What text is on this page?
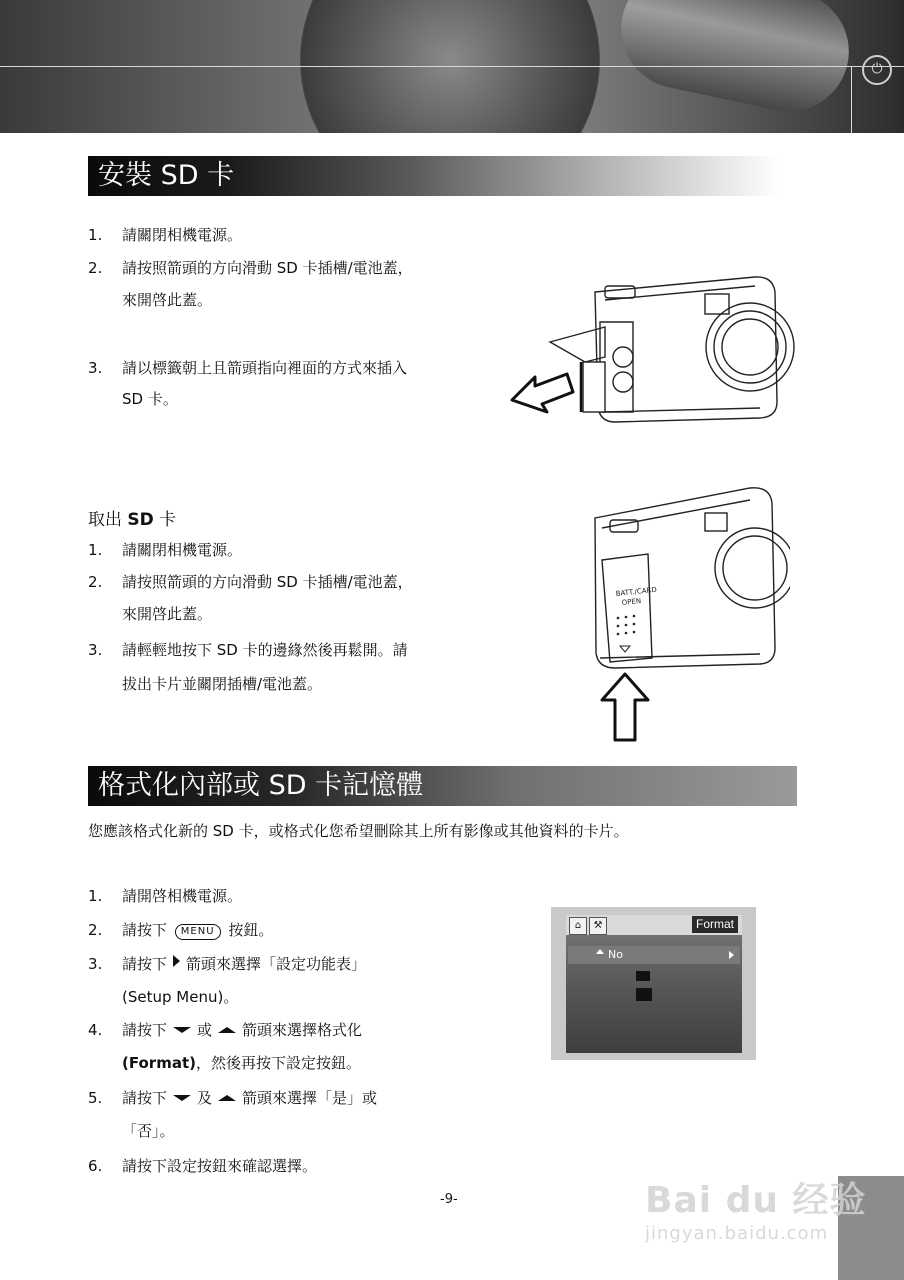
⏻
安裝 SD 卡
1. 請關閉相機電源。
2. 請按照箭頭的方向滑動 SD 卡插槽/電池蓋，
來開啓此蓋。
3. 請以標籤朝上且箭頭指向裡面的方式來插入
SD 卡。
取出 SD 卡
1. 請關閉相機電源。
2. 請按照箭頭的方向滑動 SD 卡插槽/電池蓋，
來開啓此蓋。
3. 請輕輕地按下 SD 卡的邊緣然後再鬆開。請
拔出卡片並關閉插槽/電池蓋。
BATT./CARD
OPEN
格式化內部或 SD 卡記憶體
您應該格式化新的 SD 卡，或格式化您希望刪除其上所有影像或其他資料的卡片。
1. 請開啓相機電源。
2. 請按下 MENU 按鈕。
3. 請按下 箭頭來選擇「設定功能表」
(Setup Menu)。
4. 請按下 或 箭頭來選擇格式化
(Format)，然後再按下設定按鈕。
5. 請按下 及 箭頭來選擇「是」或
「否」。
6. 請按下設定按鈕來確認選擇。
⌂	⚒	Format
No
-9-	Bai du 经验
jingyan.baidu.com
